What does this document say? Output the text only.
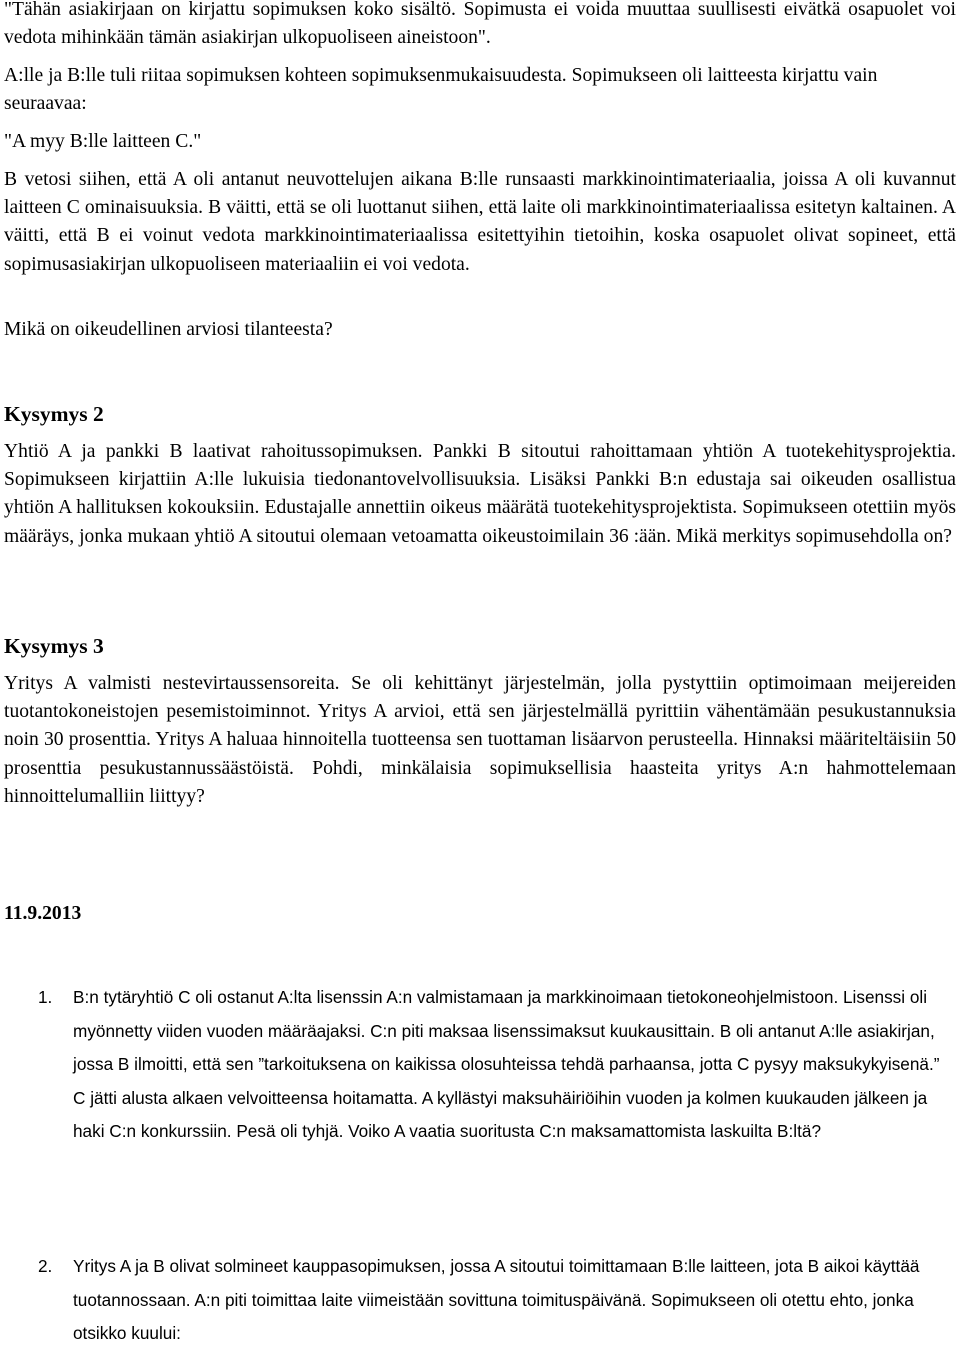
"Tähän asiakirjaan on kirjattu sopimuksen koko sisältö. Sopimusta ei voida muuttaa suullisesti eivätkä osapuolet voi vedota mihinkään tämän asiakirjan ulkopuoliseen aineistoon".

A:lle ja B:lle tuli riitaa sopimuksen kohteen sopimuksenmukaisuudesta. Sopimukseen oli laitteesta kirjattu vain seuraavaa:

"A myy B:lle laitteen C."

B vetosi siihen, että A oli antanut neuvottelujen aikana B:lle runsaasti markkinointimateriaalia, joissa A oli kuvannut laitteen C ominaisuuksia. B väitti, että se oli luottanut siihen, että laite oli markkinointimateriaalissa esitetyn kaltainen. A väitti, että B ei voinut vedota markkinointimateriaalissa esitettyihin tietoihin, koska osapuolet olivat sopineet, että sopimusasiakirjan ulkopuoliseen materiaaliin ei voi vedota.

Mikä on oikeudellinen arviosi tilanteesta?

Kysymys 2

Yhtiö A ja pankki B laativat rahoitussopimuksen. Pankki B sitoutui rahoittamaan yhtiön A tuotekehitysprojektia. Sopimukseen kirjattiin A:lle lukuisia tiedonantovelvollisuuksia. Lisäksi Pankki B:n edustaja sai oikeuden osallistua yhtiön A hallituksen kokouksiin. Edustajalle annettiin oikeus määrätä tuotekehitysprojektista. Sopimukseen otettiin myös määräys, jonka mukaan yhtiö A sitoutui olemaan vetoamatta oikeustoimilain 36 :ään. Mikä merkitys sopimusehdolla on?

Kysymys 3

Yritys A valmisti nestevirtaussensoreita. Se oli kehittänyt järjestelmän, jolla pystyttiin optimoimaan meijereiden tuotantokoneistojen pesemistoiminnot. Yritys A arvioi, että sen järjestelmällä pyrittiin vähentämään pesukustannuksia noin 30 prosenttia. Yritys A haluaa hinnoitella tuotteensa sen tuottaman lisäarvon perusteella. Hinnaksi määriteltäisiin 50 prosenttia pesukustannussäästöistä. Pohdi, minkälaisia sopimuksellisia haasteita yritys A:n hahmottelemaan hinnoittelumalliin liittyy?

11.9.2013

1. B:n tytäryhtiö C oli ostanut A:lta lisenssin A:n valmistamaan ja markkinoimaan tietokoneohjelmistoon. Lisenssi oli myönnetty viiden vuoden määräajaksi. C:n piti maksaa lisenssimaksut kuukausittain. B oli antanut A:lle asiakirjan, jossa B ilmoitti, että sen ”tarkoituksena on kaikissa olosuhteissa tehdä parhaansa, jotta C pysyy maksukykyisenä.” C jätti alusta alkaen velvoitteensa hoitamatta. A kyllästyi maksuhäiriöihin vuoden ja kolmen kuukauden jälkeen ja haki C:n konkurssiin. Pesä oli tyhjä. Voiko A vaatia suoritusta C:n maksamattomista laskuilta B:ltä?

2. Yritys A ja B olivat solmineet kauppasopimuksen, jossa A sitoutui toimittamaan B:lle laitteen, jota B aikoi käyttää tuotannossaan. A:n piti toimittaa laite viimeistään sovittuna toimituspäivänä. Sopimukseen oli otettu ehto, jonka otsikko kuului:
